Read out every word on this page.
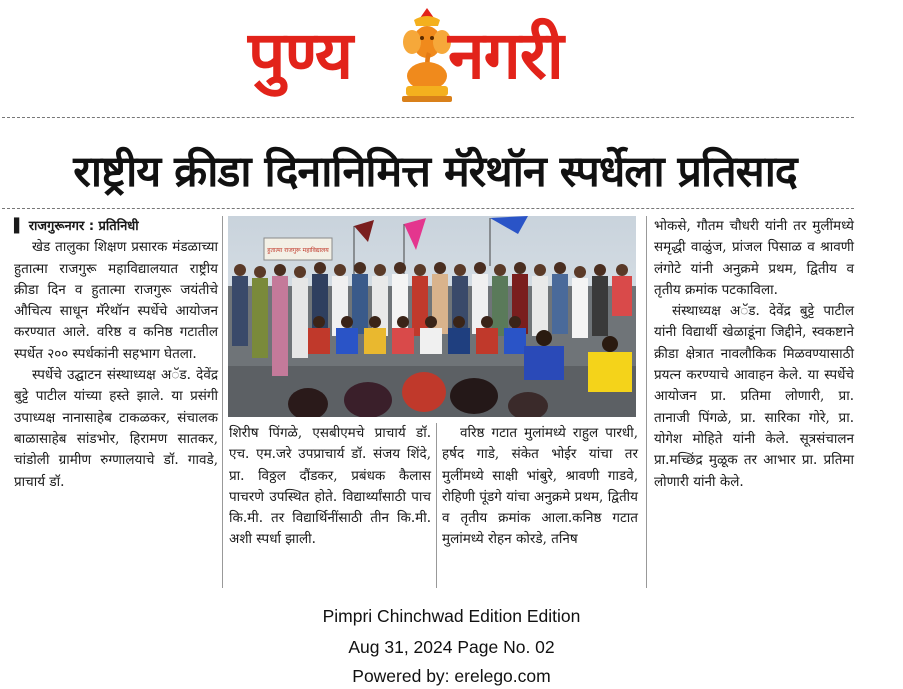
पुण्य नगरी
राष्ट्रीय क्रीडा दिनानिमित्त मॅरेथॉन स्पर्धेला प्रतिसाद

▌ राजगुरूनगर : प्रतिनिधी

खेड तालुका शिक्षण प्रसारक मंडळाच्या हुतात्मा राजगुरू महाविद्यालयात राष्ट्रीय क्रीडा दिन व हुतात्मा राजगुरू जयंतीचे औचित्य साधून मॅरेथॉन स्पर्धेचे आयोजन करण्यात आले. वरिष्ठ व कनिष्ठ गटातील स्पर्धेत २०० स्पर्धकांनी सहभाग घेतला.

स्पर्धेचे उद्घाटन संस्थाध्यक्ष अॅड. देवेंद्र बुट्टे पाटील यांच्या हस्ते झाले. या प्रसंगी उपाध्यक्ष नानासाहेब टाकळकर, संचालक बाळासाहेब सांडभोर, हिरामण सातकर, चांडोली ग्रामीण रुग्णालयाचे डॉ. गावडे, प्राचार्य डॉ.

हुतात्मा राजगुरू महाविद्यालय

शिरीष पिंगळे, एसबीएमचे प्राचार्य डॉ. एच. एम.जरे उपप्राचार्य डॉ. संजय शिंदे, प्रा. विठ्ठल दौंडकर, प्रबंधक कैलास पाचरणे उपस्थित होते. विद्यार्थ्यांसाठी पाच कि.मी. तर विद्यार्थिनींसाठी तीन कि.मी. अशी स्पर्धा झाली.

वरिष्ठ गटात मुलांमध्ये राहुल पारधी, हर्षद गाडे, संकेत भोईर यांचा तर मुलींमध्ये साक्षी भांबुरे, श्रावणी गाडवे, रोहिणी पूंडगे यांचा अनुक्रमे प्रथम, द्वितीय व तृतीय क्रमांक आला.कनिष्ठ गटात मुलांमध्ये रोहन कोरडे, तनिष

भोकसे, गौतम चौधरी यांनी तर मुलींमध्ये समृद्धी वाळुंज, प्रांजल पिसाळ व श्रावणी लंगोटे यांनी अनुक्रमे प्रथम, द्वितीय व तृतीय क्रमांक पटकाविला.

संस्थाध्यक्ष अॅड. देवेंद्र बुट्टे पाटील यांनी विद्यार्थी खेळाडूंना जिद्दीने, स्वकष्टाने क्रीडा क्षेत्रात नावलौकिक मिळवण्यासाठी प्रयत्न करण्याचे आवाहन केले. या स्पर्धेचे आयोजन प्रा. प्रतिमा लोणारी, प्रा. तानाजी पिंगळे, प्रा. सारिका गोरे, प्रा. योगेश मोहिते यांनी केले. सूत्रसंचालन प्रा.मच्छिंद्र मुळूक तर आभार प्रा. प्रतिमा लोणारी यांनी केले.

Pimpri Chinchwad Edition Edition
Aug 31, 2024 Page No. 02
Powered by: erelego.com
